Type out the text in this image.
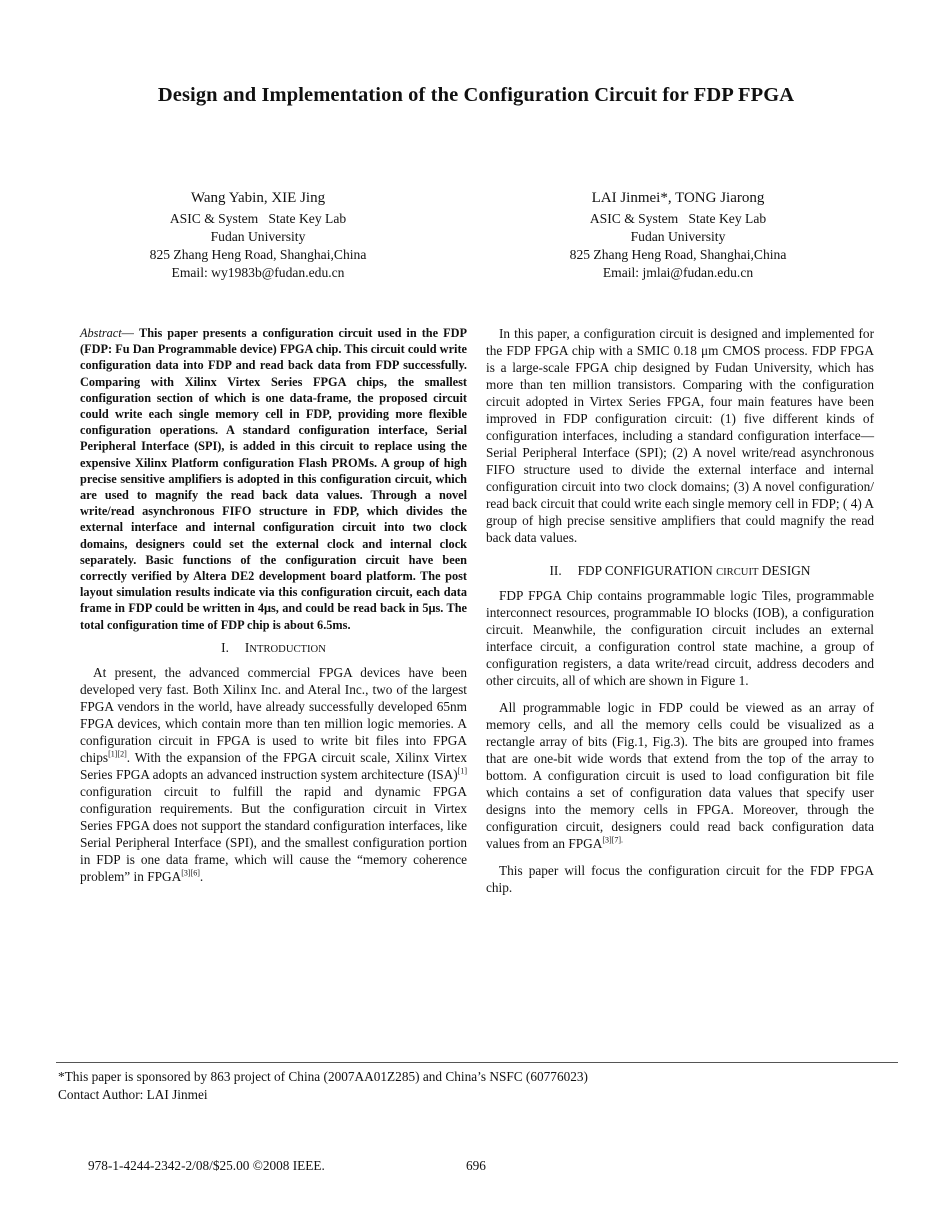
Design and Implementation of the Configuration Circuit for FDP FPGA
Wang Yabin, XIE Jing
ASIC & System   State Key Lab
Fudan University
825 Zhang Heng Road, Shanghai,China
Email: wy1983b@fudan.edu.cn
LAI Jinmei*, TONG Jiarong
ASIC & System   State Key Lab
Fudan University
825 Zhang Heng Road, Shanghai,China
Email: jmlai@fudan.edu.cn

Abstract— This paper presents a configuration circuit used in the FDP (FDP: Fu Dan Programmable device) FPGA chip. This circuit could write configuration data into FDP and read back data from FDP successfully. Comparing with Xilinx Virtex Series FPGA chips, the smallest configuration section of which is one data-frame, the proposed circuit could write each single memory cell in FDP, providing more flexible configuration operations. A standard configuration interface, Serial Peripheral Interface (SPI), is added in this circuit to replace using the expensive Xilinx Platform configuration Flash PROMs. A group of high precise sensitive amplifiers is adopted in this configuration circuit, which are used to magnify the read back data values. Through a novel write/read asynchronous FIFO structure in FDP, which divides the external interface and internal configuration circuit into two clock domains, designers could set the external clock and internal clock separately. Basic functions of the configuration circuit have been correctly verified by Altera DE2 development board platform. The post layout simulation results indicate via this configuration circuit, each data frame in FDP could be written in 4μs, and could be read back in 5μs. The total configuration time of FDP chip is about 6.5ms.

I. INTRODUCTION

At present, the advanced commercial FPGA devices have been developed very fast. Both Xilinx Inc. and Ateral Inc., two of the largest FPGA vendors in the world, have already successfully developed 65nm FPGA devices, which contain more than ten million logic memories. A configuration circuit in FPGA is used to write bit files into FPGA chips[1][2]. With the expansion of the FPGA circuit scale, Xilinx Virtex Series FPGA adopts an advanced instruction system architecture (ISA)[1] configuration circuit to fulfill the rapid and dynamic FPGA configuration requirements. But the configuration circuit in Virtex Series FPGA does not support the standard configuration interfaces, like Serial Peripheral Interface (SPI), and the smallest configuration portion in FDP is one data frame, which will cause the “memory coherence problem” in FPGA[3][6].

In this paper, a configuration circuit is designed and implemented for the FDP FPGA chip with a SMIC 0.18 μm CMOS process. FDP FPGA is a large-scale FPGA chip designed by Fudan University, which has more than ten million transistors. Comparing with the configuration circuit adopted in Virtex Series FPGA, four main features have been improved in FDP configuration circuit: (1) five different kinds of configuration interfaces, including a standard configuration interface— Serial Peripheral Interface (SPI); (2) A novel write/read asynchronous FIFO structure used to divide the external interface and internal configuration circuit into two clock domains; (3) A novel configuration/ read back circuit that could write each single memory cell in FDP; ( 4) A group of high precise sensitive amplifiers that could magnify the read back data values.

II. FDP CONFIGURATION CIRCUIT DESIGN

FDP FPGA Chip contains programmable logic Tiles, programmable interconnect resources, programmable IO blocks (IOB), a configuration circuit. Meanwhile, the configuration circuit includes an external interface circuit, a configuration control state machine, a group of configuration registers, a data write/read circuit, address decoders and other circuits, all of which are shown in Figure 1.

All programmable logic in FDP could be viewed as an array of memory cells, and all the memory cells could be visualized as a rectangle array of bits (Fig.1, Fig.3). The bits are grouped into frames that are one-bit wide words that extend from the top of the array to bottom. A configuration circuit is used to load configuration bit file which contains a set of configuration data values that specify user designs into the memory cells in FPGA. Moreover, through the configuration circuit, designers could read back configuration data values from an $FPGA^{[3][7].}$

This paper will focus the configuration circuit for the FDP FPGA chip.

*This paper is sponsored by 863 project of China (2007AA01Z285) and China’s NSFC (60776023)
Contact Author: LAI Jinmei
978-1-4244-2342-2/08/$25.00 ©2008 IEEE.	696
